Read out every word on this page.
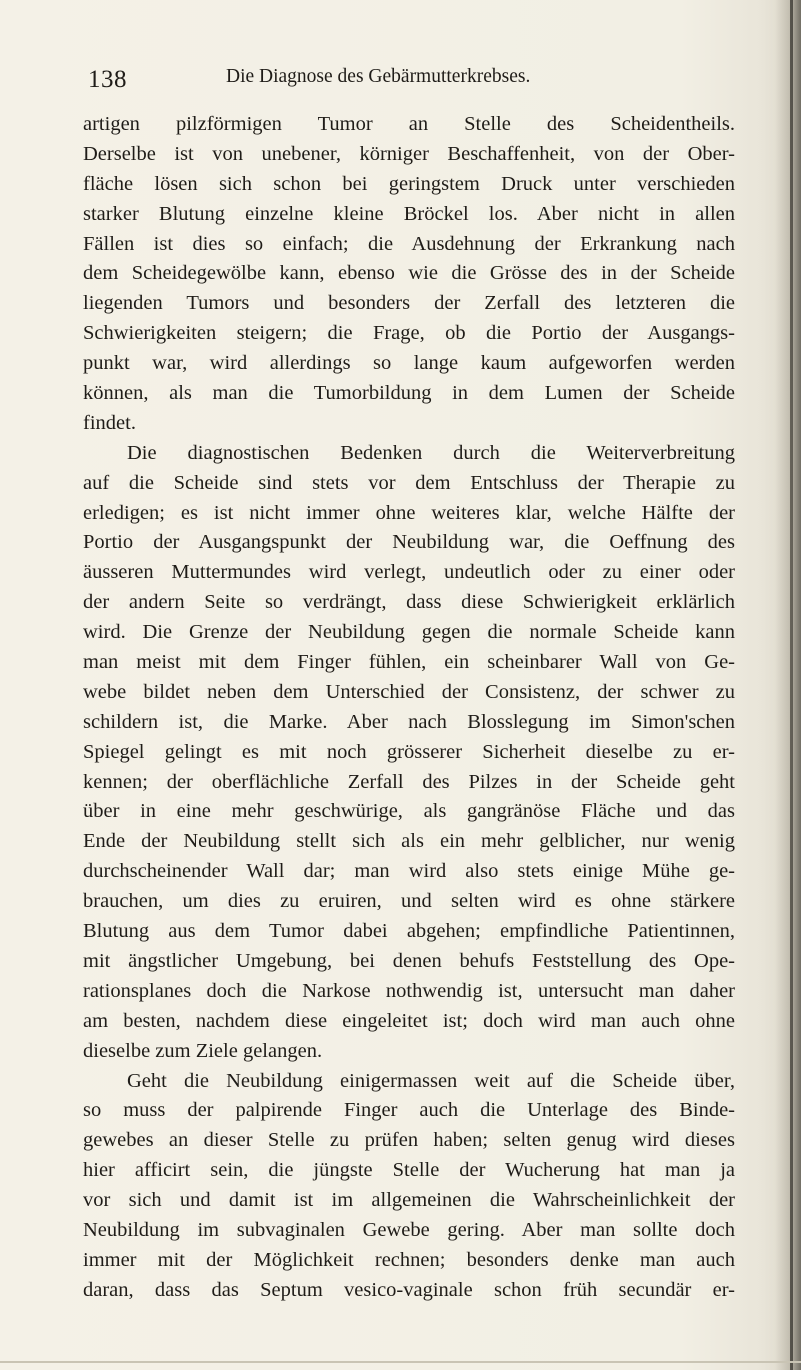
138	Die Diagnose des Gebärmutterkrebses.
artigen pilzförmigen Tumor an Stelle des Scheidentheils.
Derselbe ist von unebener, körniger Beschaffenheit, von der Ober-
fläche lösen sich schon bei geringstem Druck unter verschieden
starker Blutung einzelne kleine Bröckel los. Aber nicht in allen
Fällen ist dies so einfach; die Ausdehnung der Erkrankung nach
dem Scheidegewölbe kann, ebenso wie die Grösse des in der Scheide
liegenden Tumors und besonders der Zerfall des letzteren die
Schwierigkeiten steigern; die Frage, ob die Portio der Ausgangs-
punkt war, wird allerdings so lange kaum aufgeworfen werden
können, als man die Tumorbildung in dem Lumen der Scheide
findet.
Die diagnostischen Bedenken durch die Weiterverbreitung
auf die Scheide sind stets vor dem Entschluss der Therapie zu
erledigen; es ist nicht immer ohne weiteres klar, welche Hälfte der
Portio der Ausgangspunkt der Neubildung war, die Oeffnung des
äusseren Muttermundes wird verlegt, undeutlich oder zu einer oder
der andern Seite so verdrängt, dass diese Schwierigkeit erklärlich
wird. Die Grenze der Neubildung gegen die normale Scheide kann
man meist mit dem Finger fühlen, ein scheinbarer Wall von Ge-
webe bildet neben dem Unterschied der Consistenz, der schwer zu
schildern ist, die Marke. Aber nach Blosslegung im Simon'schen
Spiegel gelingt es mit noch grösserer Sicherheit dieselbe zu er-
kennen; der oberflächliche Zerfall des Pilzes in der Scheide geht
über in eine mehr geschwürige, als gangränöse Fläche und das
Ende der Neubildung stellt sich als ein mehr gelblicher, nur wenig
durchscheinender Wall dar; man wird also stets einige Mühe ge-
brauchen, um dies zu eruiren, und selten wird es ohne stärkere
Blutung aus dem Tumor dabei abgehen; empfindliche Patientinnen,
mit ängstlicher Umgebung, bei denen behufs Feststellung des Ope-
rationsplanes doch die Narkose nothwendig ist, untersucht man daher
am besten, nachdem diese eingeleitet ist; doch wird man auch ohne
dieselbe zum Ziele gelangen.
Geht die Neubildung einigermassen weit auf die Scheide über,
so muss der palpirende Finger auch die Unterlage des Binde-
gewebes an dieser Stelle zu prüfen haben; selten genug wird dieses
hier afficirt sein, die jüngste Stelle der Wucherung hat man ja
vor sich und damit ist im allgemeinen die Wahrscheinlichkeit der
Neubildung im subvaginalen Gewebe gering. Aber man sollte doch
immer mit der Möglichkeit rechnen; besonders denke man auch
daran, dass das Septum vesico-vaginale schon früh secundär er-
